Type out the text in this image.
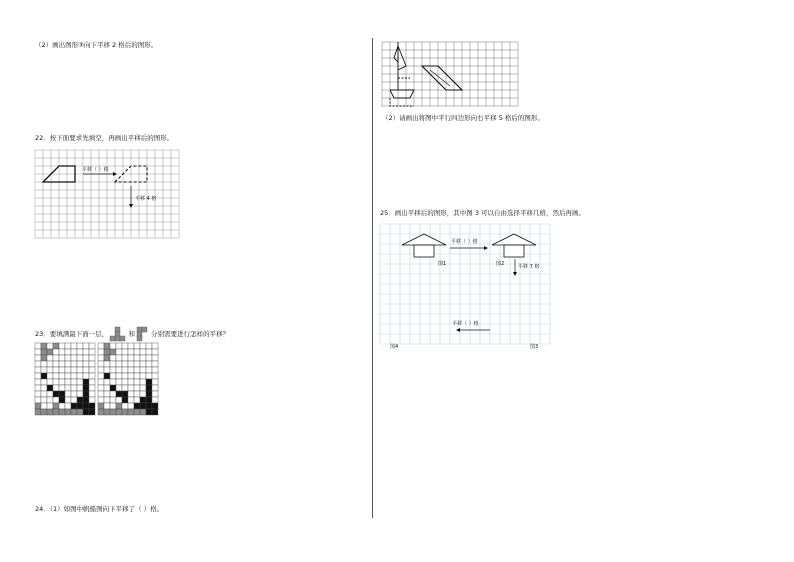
（2）画出图形③向下平移 2 格后的图形。
22．按下面要求先填空，再画出平移后的图形。
平移（ ）格
平移 4 格
23．要填满最下面一层，	和 分别需要进行怎样的平移？
24．（1）如图中帆船图向下平移了（ ）格。
（2）请画出将图中平行四边形向右平移 5 格后的图形。
25．画出平移后的图形，其中图 3 可以自由选择平移几格，然后再画。
图1	图2
平移（ ）格
平移 7 格
平移（ ）格
图4	图3
